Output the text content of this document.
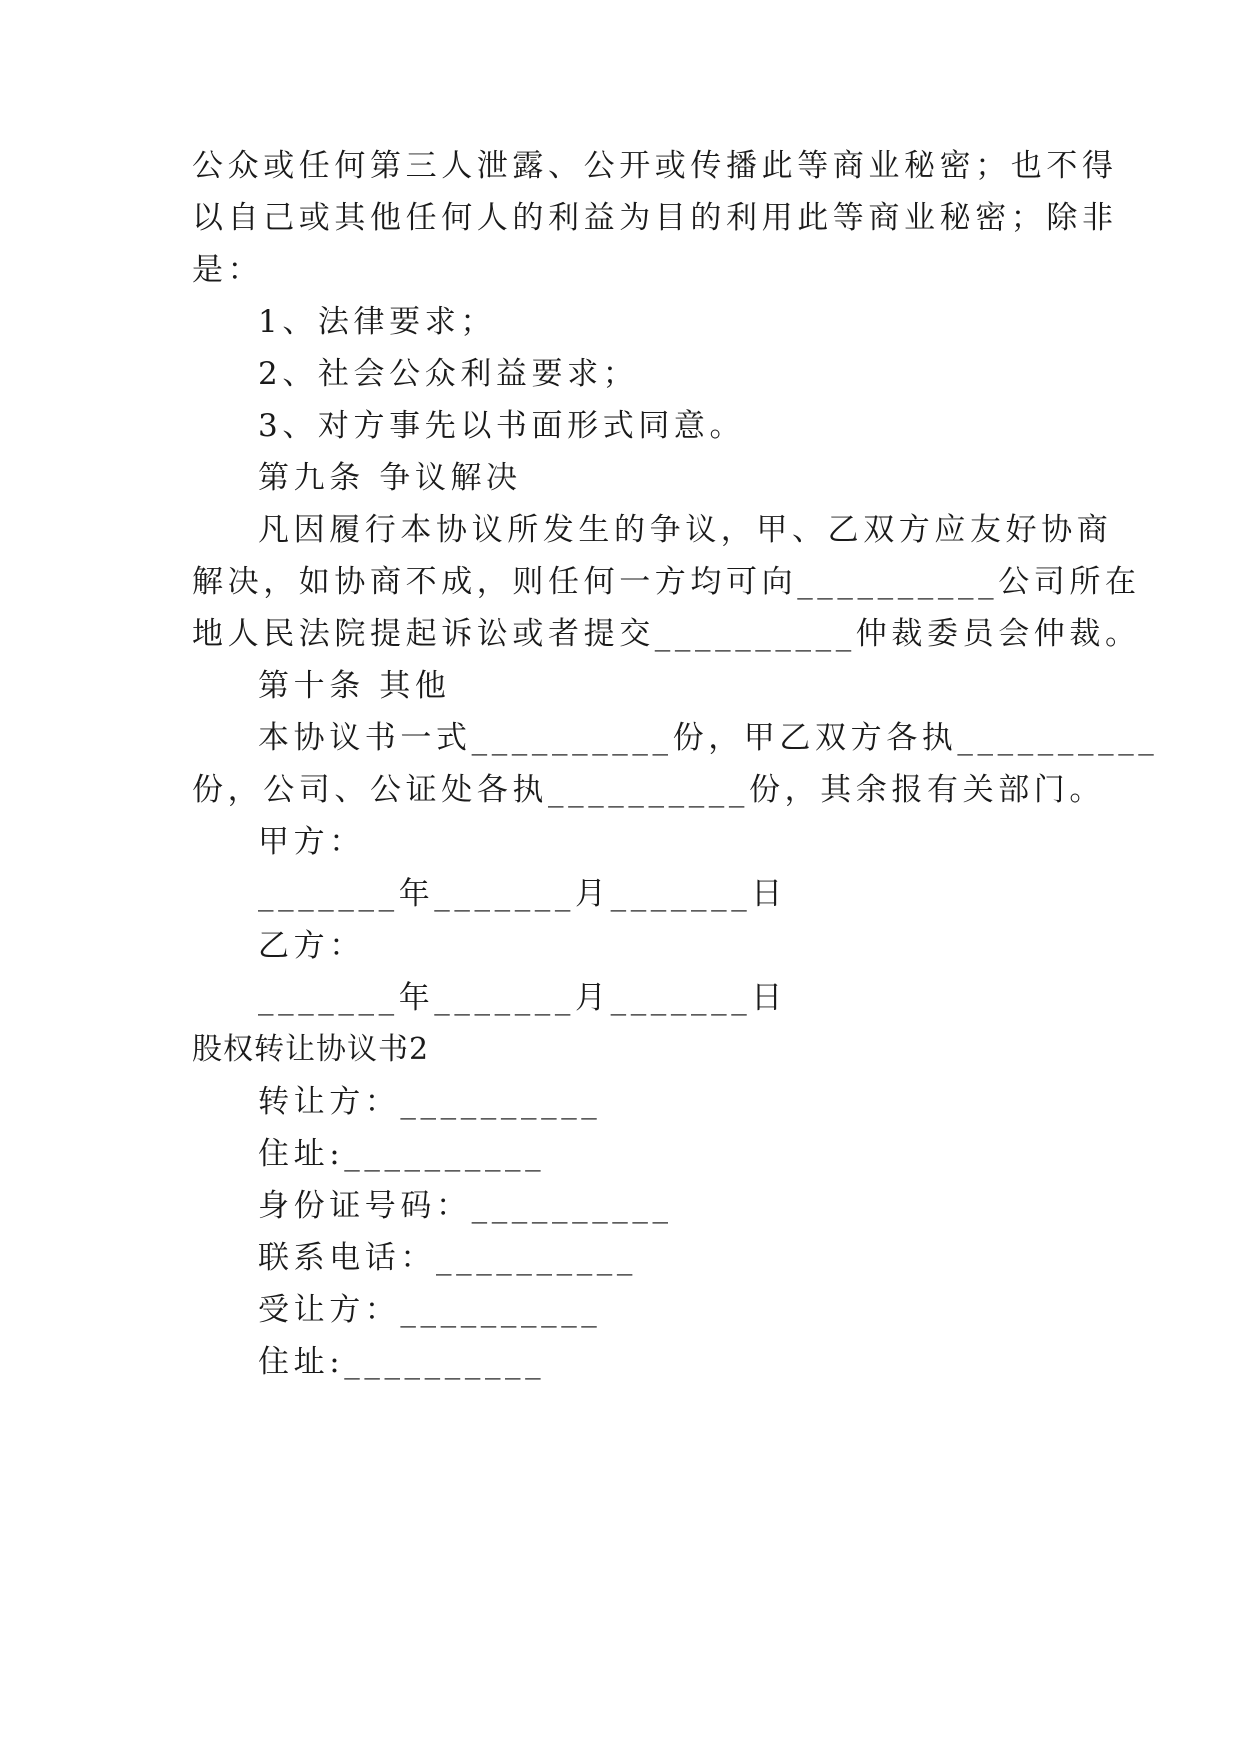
公众或任何第三人泄露、公开或传播此等商业秘密；也不得
以自己或其他任何人的利益为目的利用此等商业秘密；除非
是：
1、法律要求；
2、社会公众利益要求；
3、对方事先以书面形式同意。
第九条 争议解决
凡因履行本协议所发生的争议，甲、乙双方应友好协商
解决，如协商不成，则任何一方均可向__________公司所在
地人民法院提起诉讼或者提交__________仲裁委员会仲裁。
第十条 其他
本协议书一式__________份，甲乙双方各执__________
份，公司、公证处各执__________份，其余报有关部门。
甲方：
_______年_______月_______日
乙方：
_______年_______月_______日
股权转让协议书2
转让方：__________
住址:__________
身份证号码：__________
联系电话：__________
受让方：__________
住址:__________
